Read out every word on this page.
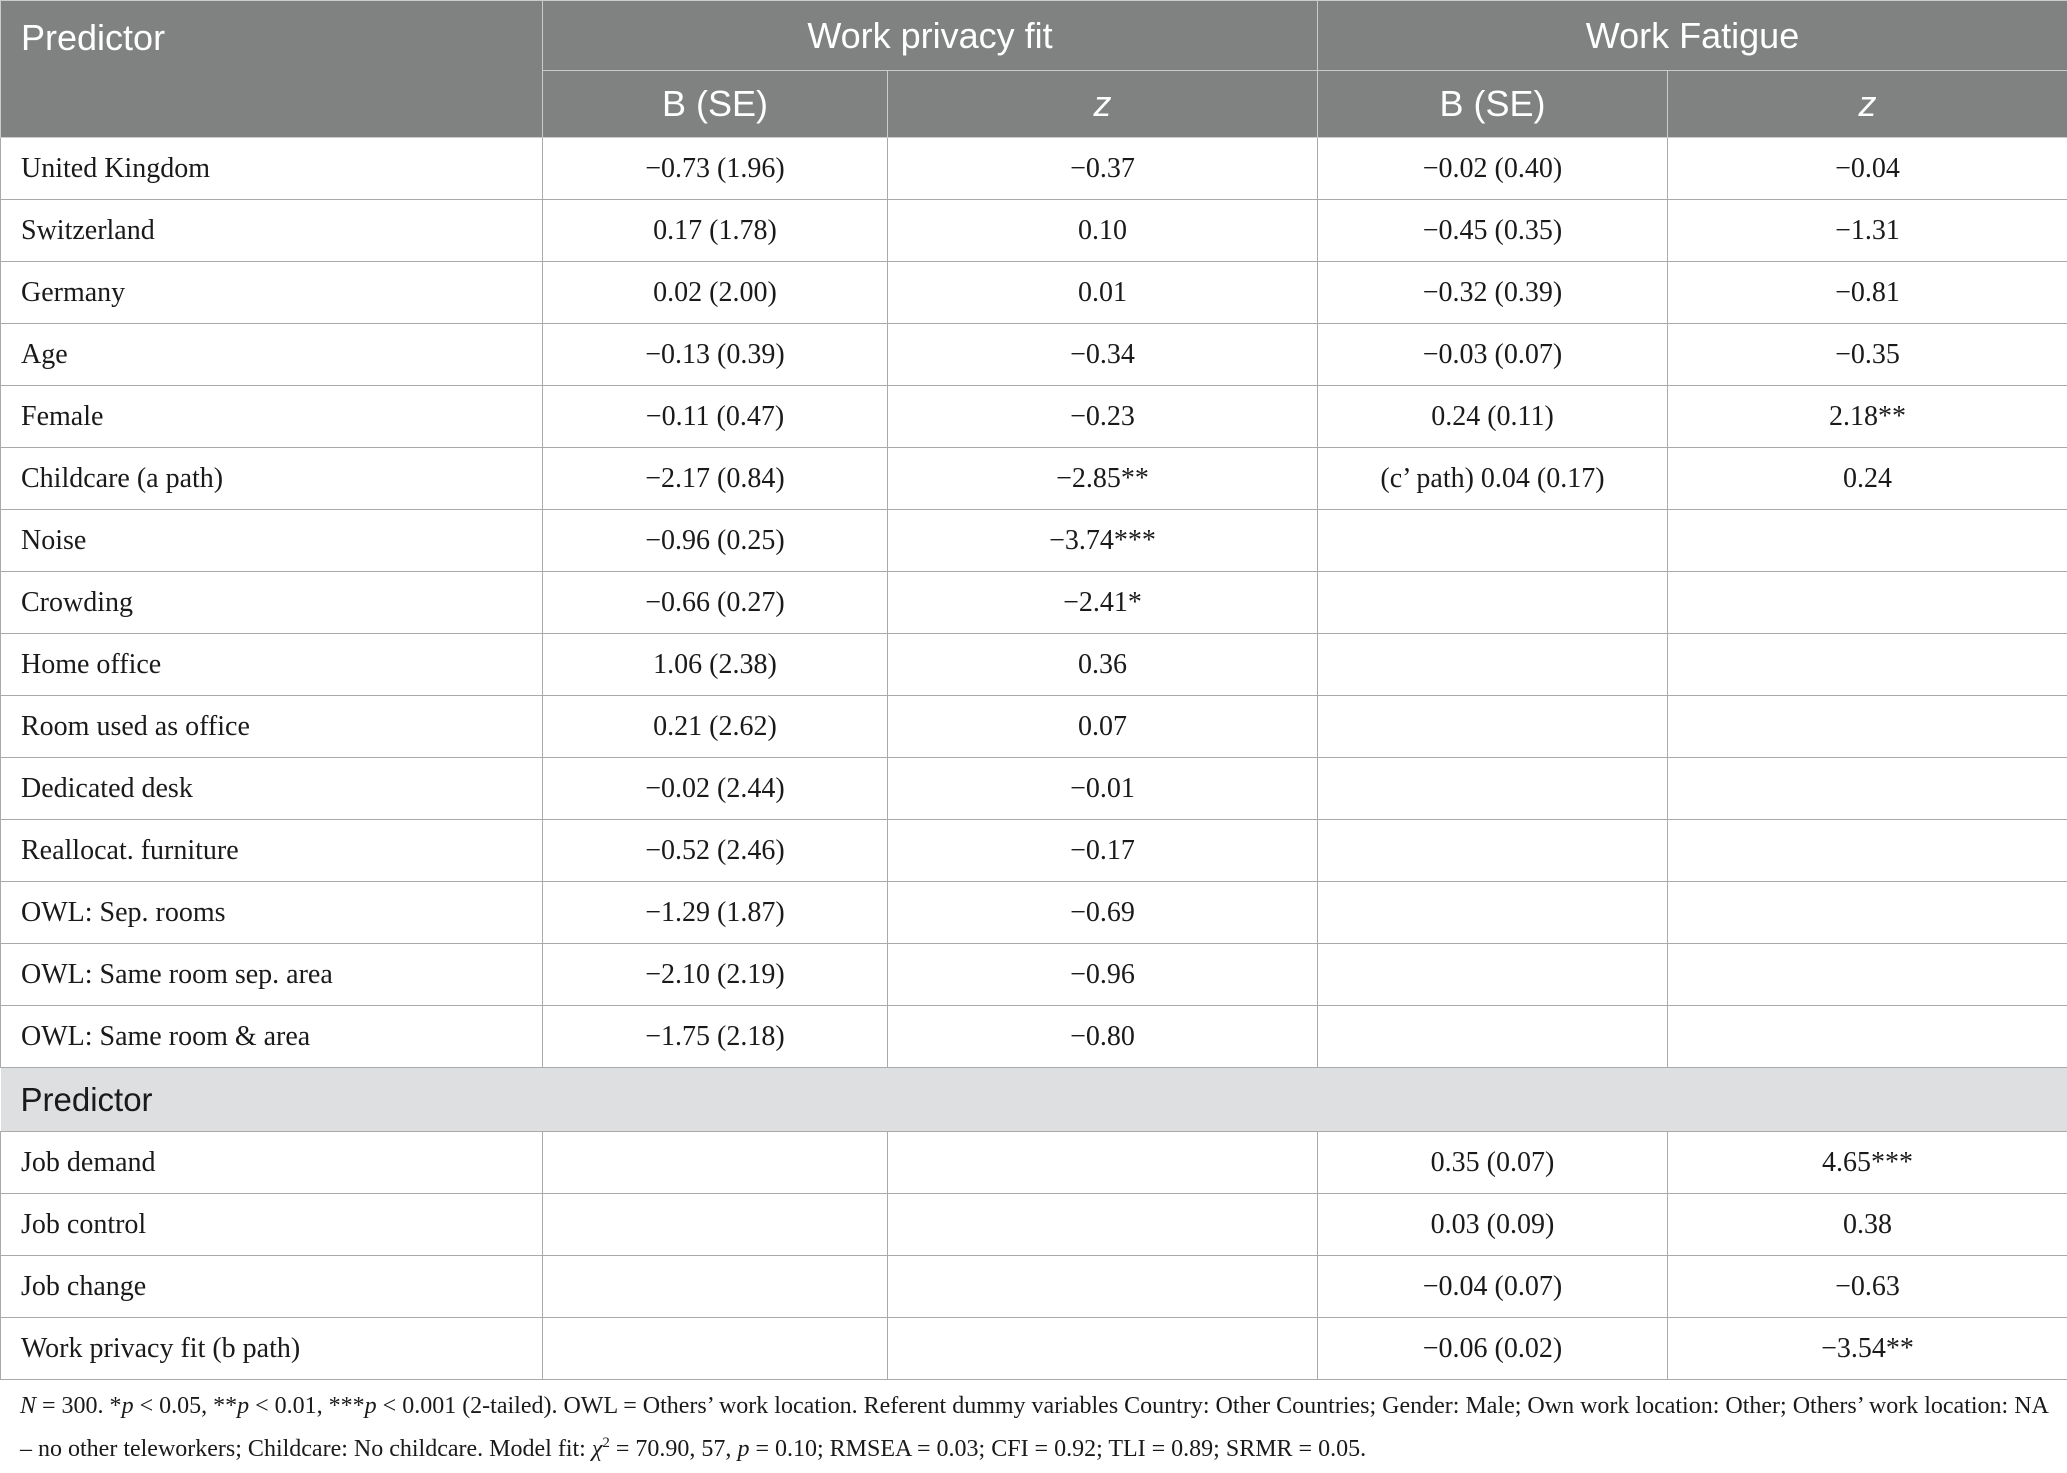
Predictor	Work privacy fit		Work Fatigue	
	B (SE)	z	B (SE)	z
United Kingdom	−0.73 (1.96)	−0.37	−0.02 (0.40)	−0.04
Switzerland	0.17 (1.78)	0.10	−0.45 (0.35)	−1.31
Germany	0.02 (2.00)	0.01	−0.32 (0.39)	−0.81
Age	−0.13 (0.39)	−0.34	−0.03 (0.07)	−0.35
Female	−0.11 (0.47)	−0.23	0.24 (0.11)	2.18**
Childcare (a path)	−2.17 (0.84)	−2.85**	(c’ path) 0.04 (0.17)	0.24
Noise	−0.96 (0.25)	−3.74***		
Crowding	−0.66 (0.27)	−2.41*		
Home office	1.06 (2.38)	0.36		
Room used as office	0.21 (2.62)	0.07		
Dedicated desk	−0.02 (2.44)	−0.01		
Reallocat. furniture	−0.52 (2.46)	−0.17		
OWL: Sep. rooms	−1.29 (1.87)	−0.69		
OWL: Same room sep. area	−2.10 (2.19)	−0.96		
OWL: Same room & area	−1.75 (2.18)	−0.80		
Predictor				
Job demand			0.35 (0.07)	4.65***
Job control			0.03 (0.09)	0.38
Job change			−0.04 (0.07)	−0.63
Work privacy fit (b path)			−0.06 (0.02)	−3.54**
N = 300. *p < 0.05, **p < 0.01, ***p < 0.001 (2-tailed). OWL = Others’ work location. Referent dummy variables Country: Other Countries; Gender: Male; Own work location: Other; Others’ work location: NA – no other teleworkers; Childcare: No childcare. Model fit: $\chi^2 = 70.90$, 57, p = 0.10; RMSEA = 0.03; CFI = 0.92; TLI = 0.89; SRMR = 0.05.
